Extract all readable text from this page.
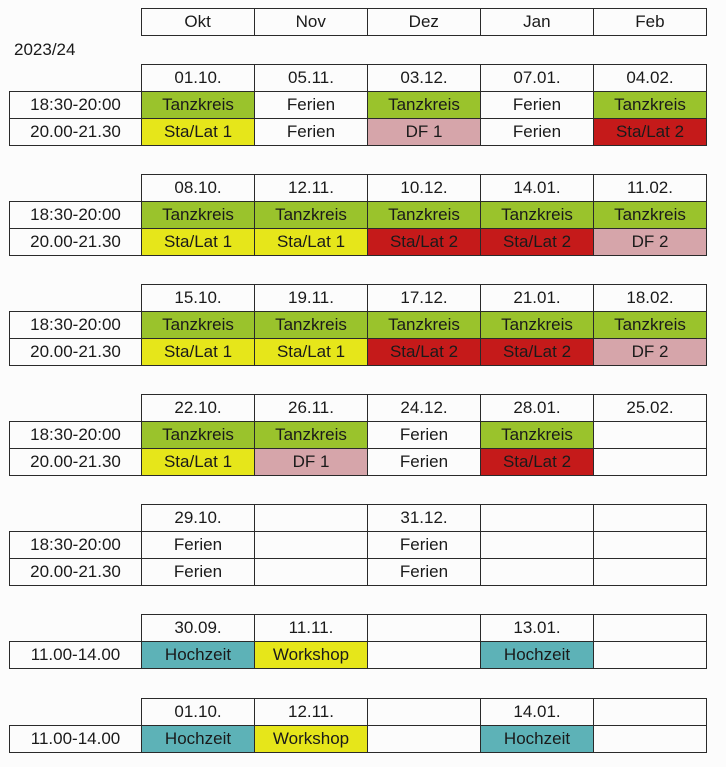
	Okt	Nov	Dez	Jan	Feb
2023/24
	01.10.	05.11.	03.12.	07.01.	04.02.
18:30-20:00	Tanzkreis	Ferien	Tanzkreis	Ferien	Tanzkreis
20.00-21.30	Sta/Lat 1	Ferien	DF 1	Ferien	Sta/Lat 2
	08.10.	12.11.	10.12.	14.01.	11.02.
18:30-20:00	Tanzkreis	Tanzkreis	Tanzkreis	Tanzkreis	Tanzkreis
20.00-21.30	Sta/Lat 1	Sta/Lat 1	Sta/Lat 2	Sta/Lat 2	DF 2
	15.10.	19.11.	17.12.	21.01.	18.02.
18:30-20:00	Tanzkreis	Tanzkreis	Tanzkreis	Tanzkreis	Tanzkreis
20.00-21.30	Sta/Lat 1	Sta/Lat 1	Sta/Lat 2	Sta/Lat 2	DF 2
	22.10.	26.11.	24.12.	28.01.	25.02.
18:30-20:00	Tanzkreis	Tanzkreis	Ferien	Tanzkreis	
20.00-21.30	Sta/Lat 1	DF 1	Ferien	Sta/Lat 2	
	29.10.		31.12.		
18:30-20:00	Ferien		Ferien		
20.00-21.30	Ferien		Ferien		
	30.09.	11.11.		13.01.	
11.00-14.00	Hochzeit	Workshop		Hochzeit	
	01.10.	12.11.		14.01.	
11.00-14.00	Hochzeit	Workshop		Hochzeit	
